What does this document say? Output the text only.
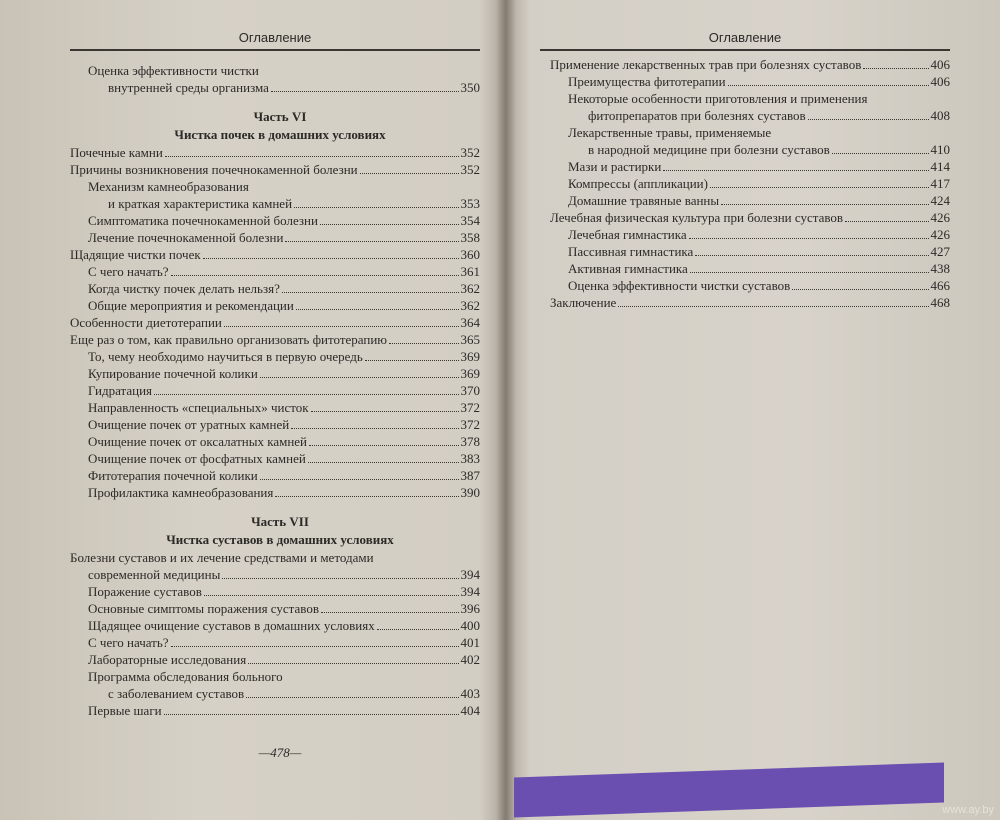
Оглавление
Оценка эффективности чистки
внутренней среды организма	350
Часть VI
Чистка почек в домашних условиях
Почечные камни	352
Причины возникновения почечнокаменной болезни	352
Механизм камнеобразования
и краткая характеристика камней	353
Симптоматика почечнокаменной болезни	354
Лечение почечнокаменной болезни	358
Щадящие чистки почек	360
С чего начать?	361
Когда чистку почек делать нельзя?	362
Общие мероприятия и рекомендации	362
Особенности диетотерапии	364
Еще раз о том, как правильно организовать фитотерапию	365
То, чему необходимо научиться в первую очередь	369
Купирование почечной колики	369
Гидратация	370
Направленность «специальных» чисток	372
Очищение почек от уратных камней	372
Очищение почек от оксалатных камней	378
Очищение почек от фосфатных камней	383
Фитотерапия почечной колики	387
Профилактика камнеобразования	390
Часть VII
Чистка суставов в домашних условиях
Болезни суставов и их лечение средствами и методами
современной медицины	394
Поражение суставов	394
Основные симптомы поражения суставов	396
Щадящее очищение суставов в домашних условиях	400
С чего начать?	401
Лабораторные исследования	402
Программа обследования больного
с заболеванием суставов	403
Первые шаги	404
—478—
Оглавление
Применение лекарственных трав при болезнях суставов	406
Преимущества фитотерапии	406
Некоторые особенности приготовления и применения
фитопрепаратов при болезнях суставов	408
Лекарственные травы, применяемые
в народной медицине при болезни суставов	410
Мази и растирки	414
Компрессы (аппликации)	417
Домашние травяные ванны	424
Лечебная физическая культура при болезни суставов	426
Лечебная гимнастика	426
Пассивная гимнастика	427
Активная гимнастика	438
Оценка эффективности чистки суставов	466
Заключение	468
www.ay.by
